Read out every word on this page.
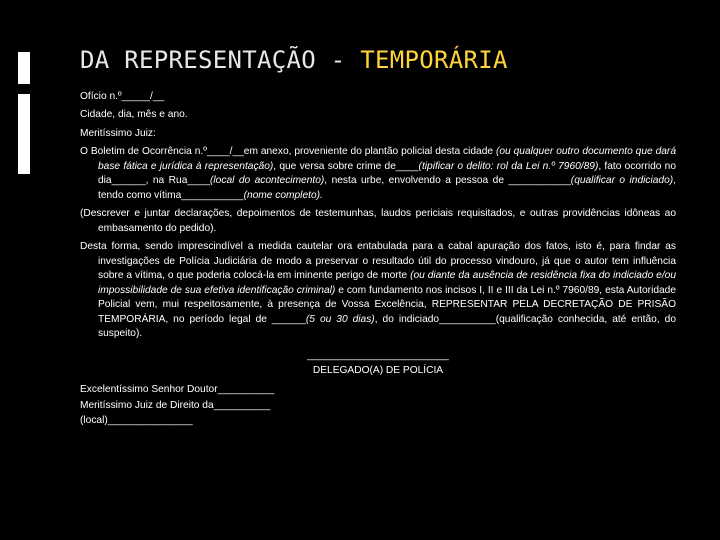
DA REPRESENTAÇÃO - TEMPORÁRIA

Ofício n.º_____/__

Cidade, dia, mês e ano.

Meritíssimo Juiz:

O Boletim de Ocorrência n.º____/__em anexo, proveniente do plantão policial desta cidade (ou qualquer outro documento que dará base fática e jurídica à representação), que versa sobre crime de____(tipificar o delito: rol da Lei n.º 7960/89), fato ocorrido no dia______, na Rua____(local do acontecimento), nesta urbe, envolvendo a pessoa de ___________(qualificar o indiciado), tendo como vítima___________(nome completo).

(Descrever e juntar declarações, depoimentos de testemunhas, laudos periciais requisitados, e outras providências idôneas ao embasamento do pedido).

Desta forma, sendo imprescindível a medida cautelar ora entabulada para a cabal apuração dos fatos, isto é, para findar as investigações de Polícia Judiciária de modo a preservar o resultado útil do processo vindouro, já que o autor tem influência sobre a vítima, o que poderia colocá-la em iminente perigo de morte (ou diante da ausência de residência fixa do indiciado e/ou impossibilidade de sua efetiva identificação criminal) e com fundamento nos incisos I, II e III da Lei n.º 7960/89, esta Autoridade Policial vem, mui respeitosamente, à presença de Vossa Excelência, REPRESENTAR PELA DECRETAÇÃO DE PRISÃO TEMPORÁRIA, no período legal de ______(5 ou 30 dias), do indiciado__________(qualificação conhecida, até então, do suspeito).

_________________________
DELEGADO(A) DE POLÍCIA
Excelentíssimo Senhor Doutor__________
Meritíssimo Juiz de Direito da__________
(local)_______________
